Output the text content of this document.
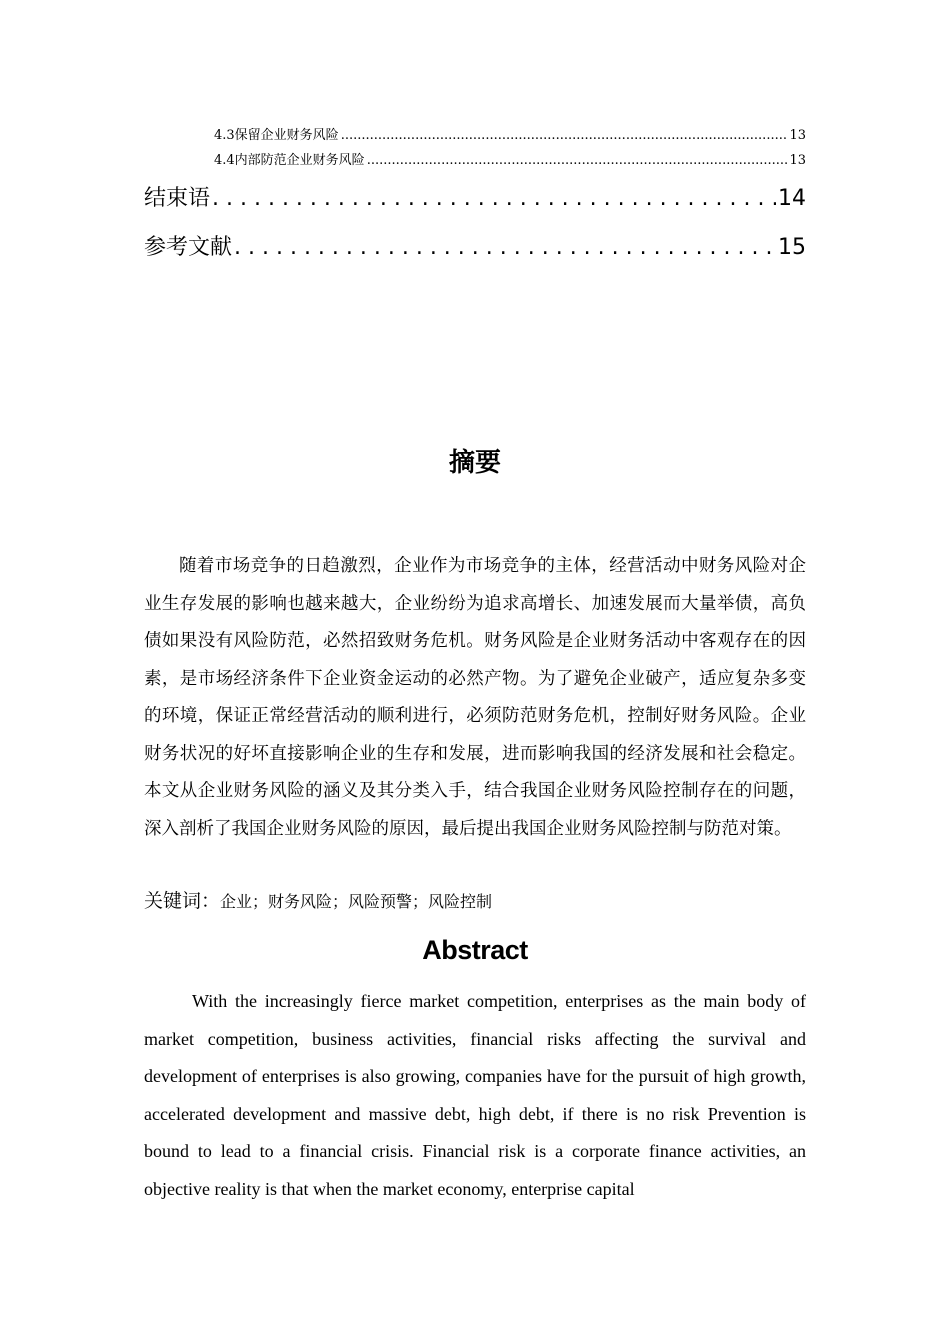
4.3保留企业财务风险 .....	13
4.4内部防范企业财务风险 .....	13
结束语 . . .	14
参考文献 . . .	15
摘要

随着市场竞争的日趋激烈，企业作为市场竞争的主体，经营活动中财务风险对企业生存发展的影响也越来越大，企业纷纷为追求高增长、加速发展而大量举债，高负债如果没有风险防范，必然招致财务危机。财务风险是企业财务活动中客观存在的因素，是市场经济条件下企业资金运动的必然产物。为了避免企业破产，适应复杂多变的环境，保证正常经营活动的顺利进行，必须防范财务危机，控制好财务风险。企业财务状况的好坏直接影响企业的生存和发展，进而影响我国的经济发展和社会稳定。本文从企业财务风险的涵义及其分类入手，结合我国企业财务风险控制存在的问题，深入剖析了我国企业财务风险的原因，最后提出我国企业财务风险控制与防范对策。

关键词：企业；财务风险；风险预警；风险控制
Abstract

With the increasingly fierce market competition, enterprises as the main body of market competition, business activities, financial risks affecting the survival and development of enterprises is also growing, companies have for the pursuit of high growth, accelerated development and massive debt, high debt, if there is no risk Prevention is bound to lead to a financial crisis. Financial risk is a corporate finance activities, an objective reality is that when the market economy, enterprise capital
